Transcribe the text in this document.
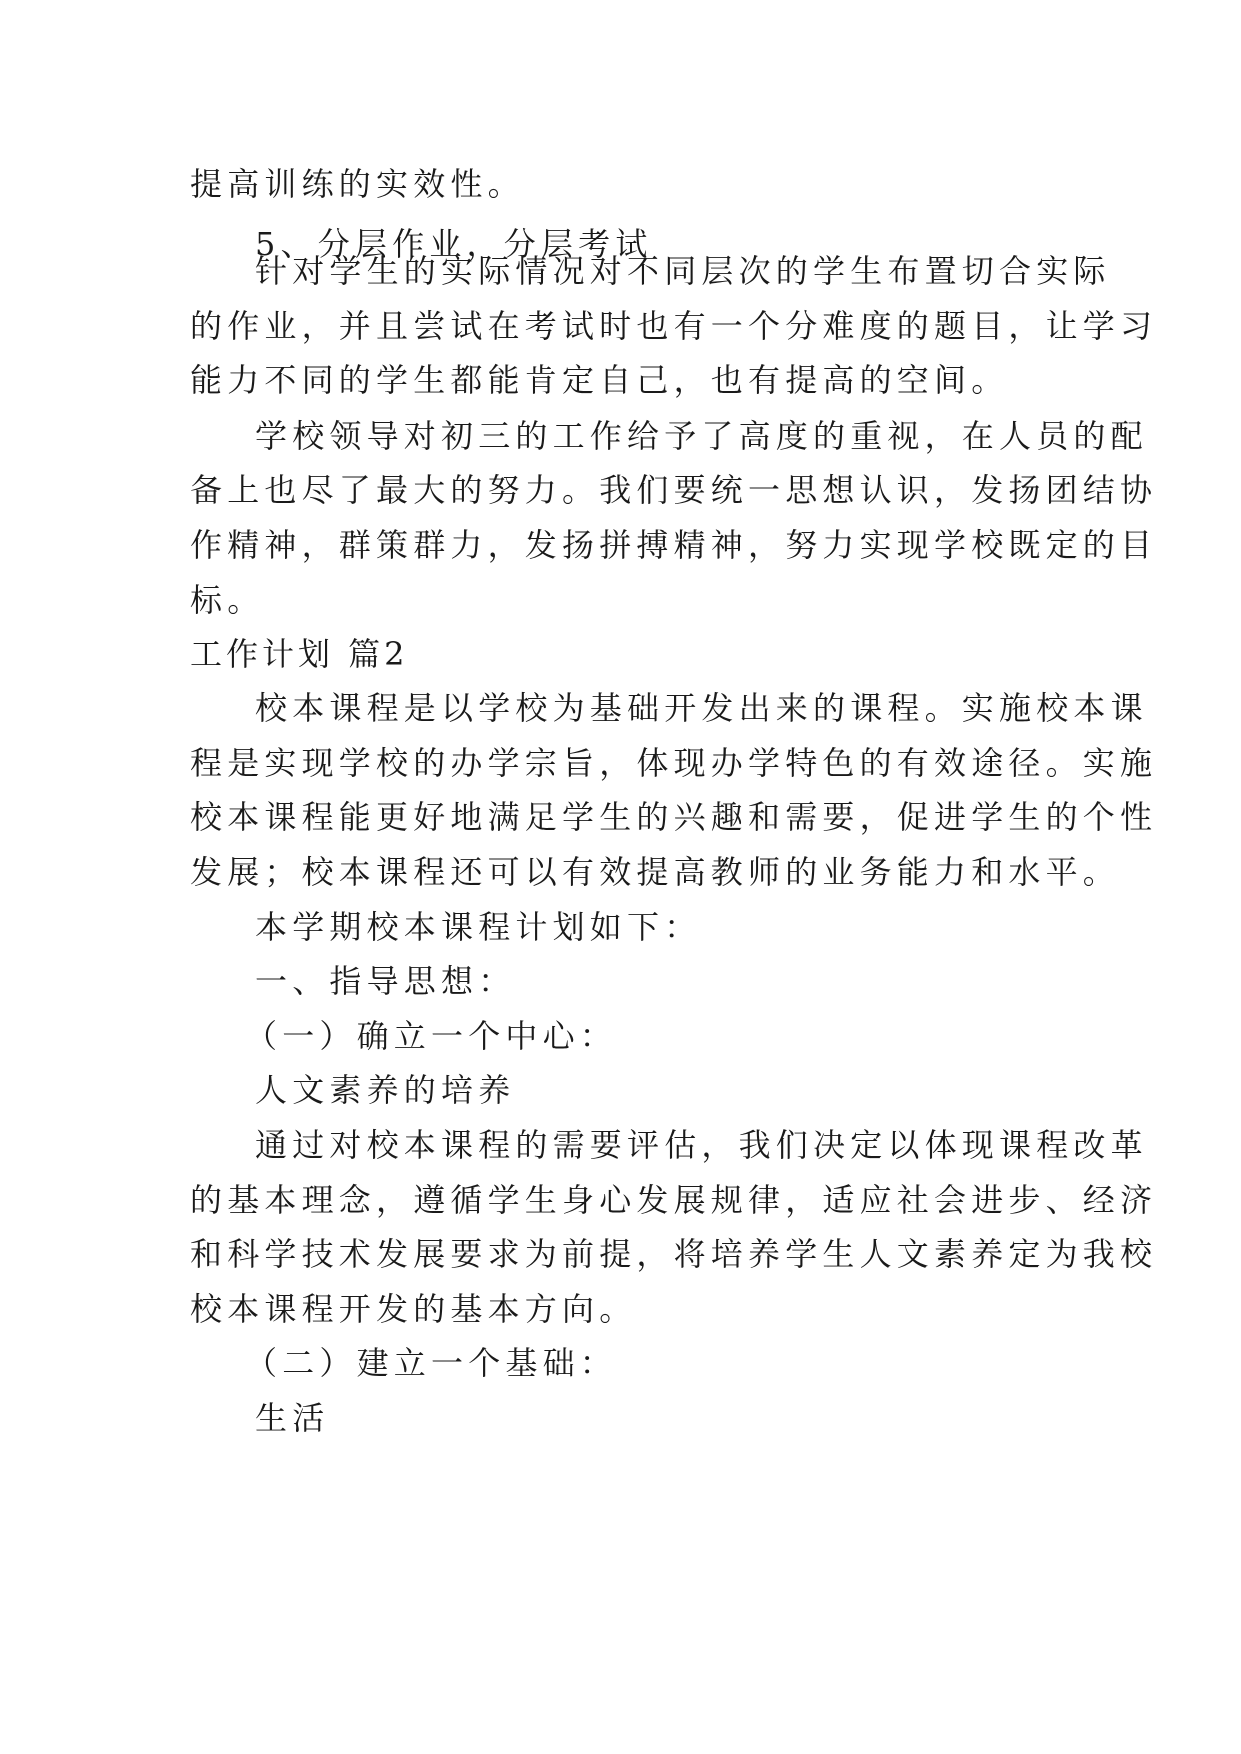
提高训练的实效性。
5、分层作业，分层考试
针对学生的实际情况对不同层次的学生布置切合实际
的作业，并且尝试在考试时也有一个分难度的题目，让学习
能力不同的学生都能肯定自己，也有提高的空间。
学校领导对初三的工作给予了高度的重视，在人员的配
备上也尽了最大的努力。我们要统一思想认识，发扬团结协
作精神，群策群力，发扬拼搏精神，努力实现学校既定的目
标。
工作计划 篇2
校本课程是以学校为基础开发出来的课程。实施校本课
程是实现学校的办学宗旨，体现办学特色的有效途径。实施
校本课程能更好地满足学生的兴趣和需要，促进学生的个性
发展；校本课程还可以有效提高教师的业务能力和水平。
本学期校本课程计划如下：
一、指导思想：
（一）确立一个中心：
人文素养的培养
通过对校本课程的需要评估，我们决定以体现课程改革
的基本理念，遵循学生身心发展规律，适应社会进步、经济
和科学技术发展要求为前提，将培养学生人文素养定为我校
校本课程开发的基本方向。
（二）建立一个基础：
生活
